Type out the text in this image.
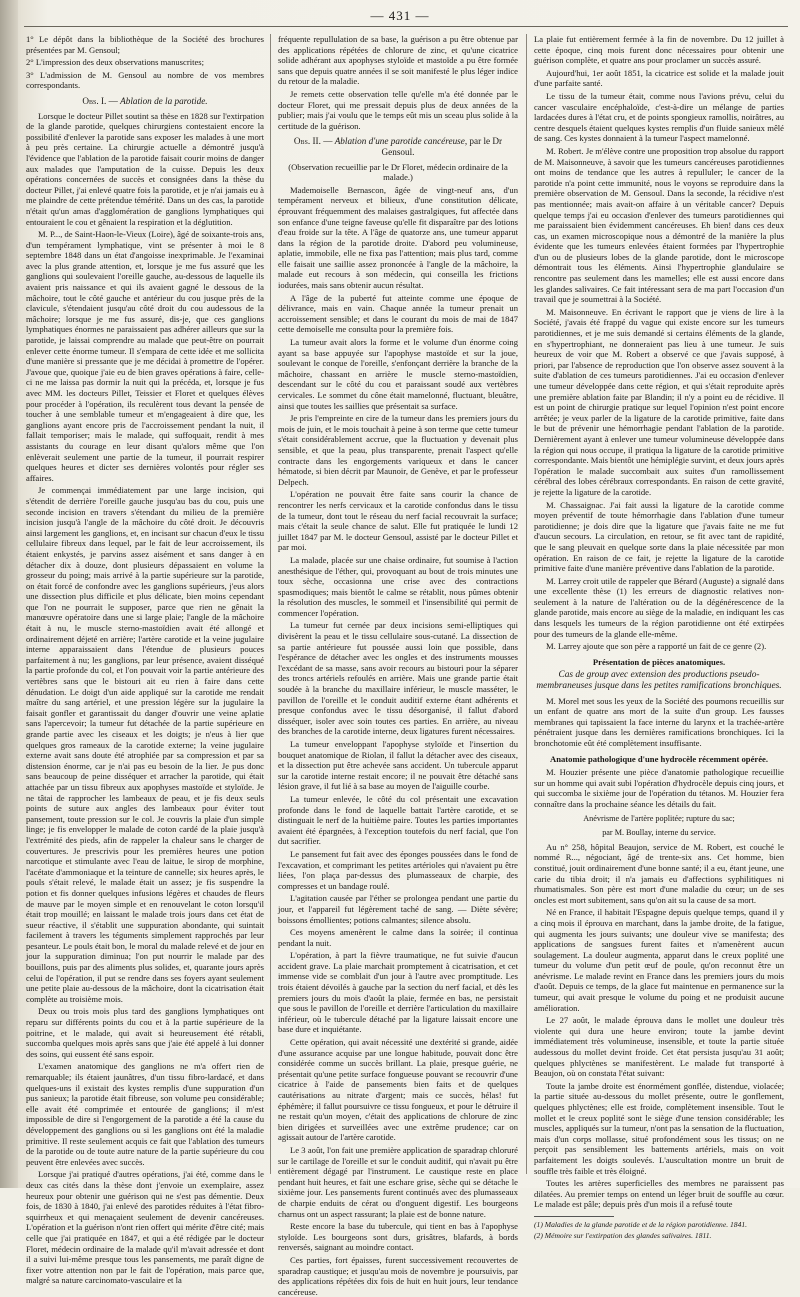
— 431 —

1° Le dépôt dans la bibliothèque de la Société des brochures présentées par M. Gensoul;

2° L'impression des deux observations manuscrites;

3° L'admission de M. Gensoul au nombre de vos membres correspondants.

Obs. I. — Ablation de la parotide.

Lorsque le docteur Pillet soutint sa thèse en 1828 sur l'extirpation de la glande parotide, quelques chirurgiens contestaient encore la possibilité d'enlever la parotide sans exposer les malades à une mort à peu près certaine. La chirurgie actuelle a démontré jusqu'à l'évidence que l'ablation de la parotide faisait courir moins de danger aux malades que l'amputation de la cuisse. Depuis les deux opérations concernées de succès et consignées dans la thèse du docteur Pillet, j'ai enlevé quatre fois la parotide, et je n'ai jamais eu à me plaindre de cette prétendue témérité. Dans un des cas, la parotide n'était qu'un amas d'agglomération de ganglions lymphatiques qui entouraient le cou et gênaient la respiration et la déglutition.

M. P..., de Saint-Haon-le-Vieux (Loire), âgé de soixante-trois ans, d'un tempérament lymphatique, vint se présenter à moi le 8 septembre 1848 dans un état d'angoisse inexprimable. Je l'examinai avec la plus grande attention, et, lorsque je me fus assuré que les ganglions qui soulevaient l'oreille gauche, au-dessous de laquelle ils avaient pris naissance et qui ils avaient gagné le dessous de la mâchoire, tout le côté gauche et antérieur du cou jusque près de la clavicule, s'étendaient jusqu'au côté droit du cou audessous de la mâchoire; lorsque je me fus assuré, dis-je, que ces ganglions lymphatiques énormes ne paraissaient pas adhérer ailleurs que sur la parotide, je laissai comprendre au malade que peut-être on pourrait enlever cette énorme tumeur. Il s'empara de cette idée et me sollicita d'une manière si pressante que je me décidai à promettre de l'opérer. J'avoue que, quoique j'aie eu de bien graves opérations à faire, celle-ci ne me laissa pas dormir la nuit qui la précéda, et, lorsque je fus avec MM. les docteurs Pillet, Teissier et Floret et quelques élèves pour procéder à l'opération, ils reculèrent tous devant la pensée de toucher à une semblable tumeur et m'engageaient à dire que, les ganglions ayant encore pris de l'accroissement pendant la nuit, il fallait temporiser; mais le malade, qui suffoquait, rendit à mes assistants du courage en leur disant qu'alors même que l'on enlèverait seulement une partie de la tumeur, il pourrait respirer quelques heures et dicter ses dernières volontés pour régler ses affaires.

Je commençai immédiatement par une large incision, qui s'étendit de derrière l'oreille gauche jusqu'au bas du cou, puis une seconde incision en travers s'étendant du milieu de la première incision jusqu'à l'angle de la mâchoire du côté droit. Je découvris ainsi largement les ganglions, et, en incisant sur chacun d'eux le tissu cellulaire fibreux dans lequel, par le fait de leur accroissement, ils étaient enkystés, je parvins assez aisément et sans danger à en détacher dix à douze, dont plusieurs dépassaient en volume la grosseur du poing; mais arrivé à la partie supérieure sur la parotide, on était forcé de confondre avec les ganglions supérieurs, j'eus alors une dissection plus difficile et plus délicate, bien moins cependant que l'on ne pourrait le supposer, parce que rien ne gênait la manœuvre opératoire dans une si large plaie; l'angle de la mâchoire était à nu, le muscle sterno-mastoïdien avait été allongé et ordinairement déjeté en arrière; l'artère carotide et la veine jugulaire interne apparaissaient dans l'étendue de plusieurs pouces parfaitement à nu; les ganglions, par leur présence, avaient disséqué la partie profonde du col, et l'on pouvait voir la partie antérieure des vertèbres sans que le bistouri ait eu rien à faire dans cette dénudation. Le doigt d'un aide appliqué sur la carotide me rendait maître du sang artériel, et une pression légère sur la jugulaire la faisait gonfler et garantissait du danger d'ouvrir une veine aplatie sans l'apercevoir; la tumeur fut détachée de la partie supérieure en grande partie avec les ciseaux et les doigts; je n'eus à lier que quelques gros rameaux de la carotide externe; la veine jugulaire externe avait sans doute été atrophiée par sa compression et par sa distension énorme, car je n'ai pas eu besoin de la lier. Je pus donc sans beaucoup de peine disséquer et arracher la parotide, qui était attachée par un tissu fibreux aux apophyses mastoïde et styloïde. Je ne tâtai de rapprocher les lambeaux de peau, et je fis deux seuls points de suture aux angles des lambeaux pour éviter tout pansement, toute pression sur le col. Je couvris la plaie d'un simple linge; je fis envelopper le malade de coton cardé de la plaie jusqu'à l'extrémité des pieds, afin de rappeler la chaleur sans le charger de couvertures. Je prescrivis pour les premières heures une potion narcotique et stimulante avec l'eau de laitue, le sirop de morphine, l'acétate d'ammoniaque et la teinture de cannelle; six heures après, le pouls s'était relevé, le malade était un assez; je fis suspendre la potion et fis donner quelques infusions légères et chaudes de fleurs de mauve par le moyen simple et en renouvelant le coton lorsqu'il était trop mouillé; en laissant le malade trois jours dans cet état de sueur réactive, il s'établit une suppuration abondante, qui suintait facilement à travers les téguments simplement rapprochés par leur pesanteur. Le pouls était bon, le moral du malade relevé et de jour en jour la suppuration diminua; l'on put nourrir le malade par des bouillons, puis par des aliments plus solides, et, quarante jours après celui de l'opération, il put se rendre dans ses foyers ayant seulement une petite plaie au-dessous de la mâchoire, dont la cicatrisation était complète au troisième mois.

Deux ou trois mois plus tard des ganglions lymphatiques ont reparu sur différents points du cou et à la partie supérieure de la poitrine, et le malade, qui avait si heureusement été rétabli, succomba quelques mois après sans que j'aie été appelé à lui donner des soins, qui eussent été sans espoir.

L'examen anatomique des ganglions ne m'a offert rien de remarquable; ils étaient jaunâtres, d'un tissu fibro-lardacé, et dans quelques-uns il existait des kystes remplis d'une suppuration d'un pus sanieux; la parotide était fibreuse, son volume peu considérable; elle avait été comprimée et entourée de ganglions; il m'est impossible de dire si l'engorgement de la parotide a été la cause du développement des ganglions ou si les ganglions ont été la maladie primitive. Il reste seulement acquis ce fait que l'ablation des tumeurs de la parotide ou de toute autre nature de la partie supérieure du cou peuvent être enlevées avec succès.

Lorsque j'ai pratiqué d'autres opérations, j'ai été, comme dans le deux cas cités dans la thèse dont j'envoie un exemplaire, assez heureux pour obtenir une guérison qui ne s'est pas démentie. Deux fois, de 1830 à 1840, j'ai enlevé des parotides réduites à l'état fibro-squirrheux et qui menaçaient seulement de devenir cancéreuses. L'opération et la guérison n'ont rien offert qui mérite d'être cité; mais celle que j'ai pratiquée en 1847, et qui a été rédigée par le docteur Floret, médecin ordinaire de la malade qu'il m'avait adressée et dont il a suivi lui-même presque tous les pansements, me paraît digne de fixer votre attention non par le fait de l'opération, mais parce que, malgré sa nature carcinomato-vasculaire et la

fréquente repullulation de sa base, la guérison a pu être obtenue par des applications répétées de chlorure de zinc, et qu'une cicatrice solide adhérant aux apophyses styloïde et mastoïde a pu être formée sans que depuis quatre années il se soit manifesté le plus léger indice du retour de la maladie.

Je remets cette observation telle qu'elle m'a été donnée par le docteur Floret, qui me pressait depuis plus de deux années de la publier; mais j'ai voulu que le temps eût mis un sceau plus solide à la certitude de la guérison.

Obs. II. — Ablation d'une parotide cancéreuse, par le Dr Gensoul.

(Observation recueillie par le Dr Floret, médecin ordinaire de la malade.)

Mademoiselle Bernascon, âgée de vingt-neuf ans, d'un tempérament nerveux et bilieux, d'une constitution délicate, éprouvant fréquemment des malaises gastralgiques, fut affectée dans son enfance d'une teigne faveuse qu'elle fit disparaître par des lotions d'eau froide sur la tête. A l'âge de quatorze ans, une tumeur apparut dans la région de la parotide droite. D'abord peu volumineuse, aplatie, immobile, elle ne fixa pas l'attention; mais plus tard, comme elle faisait une saillie assez prononcée à l'angle de la mâchoire, la malade eut recours à son médecin, qui conseilla les frictions iodurées, mais sans obtenir aucun résultat.

A l'âge de la puberté fut atteinte comme une époque de délivrance, mais en vain. Chaque année la tumeur prenait un accroissement sensible; et dans le courant du mois de mai de 1847 cette demoiselle me consulta pour la première fois.

La tumeur avait alors la forme et le volume d'un énorme coing ayant sa base appuyée sur l'apophyse mastoïde et sur la joue, soulevant le conque de l'oreille, s'enfonçant derrière la branche de la mâchoire, chassant en arrière le muscle sterno-mastoïdien, descendant sur le côté du cou et paraissant soudé aux vertèbres cervicales. Le sommet du cône était mamelonné, fluctuant, bleuâtre, ainsi que toutes les saillies que présentait sa surface.

Je pris l'empreinte en cire de la tumeur dans les premiers jours du mois de juin, et le mois touchait à peine à son terme que cette tumeur s'était considérablement accrue, que la fluctuation y devenait plus sensible, et que la peau, plus transparente, prenait l'aspect qu'elle contracte dans les engorgements variqueux et dans le cancer hématode, si bien décrit par Maunoir, de Genève, et par le professeur Delpech.

L'opération ne pouvait être faite sans courir la chance de rencontrer les nerfs cervicaux et la carotide confondus dans le tissu de la tumeur, dont tout le réseau du nerf facial recouvrait la surface; mais c'était la seule chance de salut. Elle fut pratiquée le lundi 12 juillet 1847 par M. le docteur Gensoul, assisté par le docteur Pillet et par moi.

La malade, placée sur une chaise ordinaire, fut soumise à l'action anesthésique de l'éther, qui, provoquant au bout de trois minutes une toux sèche, occasionna une crise avec des contractions spasmodiques; mais bientôt le calme se rétablit, nous pûmes obtenir la résolution des muscles, le sommeil et l'insensibilité qui permit de commencer l'opération.

La tumeur fut cernée par deux incisions semi-elliptiques qui divisèrent la peau et le tissu cellulaire sous-cutané. La dissection de sa partie antérieure fut poussée aussi loin que possible, dans l'espérance de détacher avec les ongles et des instruments mousses l'excédant de sa masse, sans avoir recours au bistouri pour la séparer des troncs artériels refoulés en arrière. Mais une grande partie était soudée à la branche du maxillaire inférieur, le muscle masséter, le pavillon de l'oreille et le conduit auditif externe étant adhérents et presque confondus avec le tissu désorganisé, il fallut d'abord disséquer, isoler avec soin toutes ces parties. En arrière, au niveau des branches de la carotide interne, deux ligatures furent nécessaires.

La tumeur enveloppant l'apophyse styloïde et l'insertion du bouquet anatomique de Riolan, il fallut la détacher avec des ciseaux, et la dissection put être achevée sans accident. Un tubercule apparut sur la carotide interne restait encore; il ne pouvait être détaché sans lésion grave, il fut lié à sa base au moyen de l'aiguille courbe.

La tumeur enlevée, le côté du col présentait une excavation profonde dans le fond de laquelle battait l'artère carotide, et se distinguait le nerf de la huitième paire. Toutes les parties importantes avaient été épargnées, à l'exception toutefois du nerf facial, que l'on dut sacrifier.

Le pansement fut fait avec des éponges poussées dans le fond de l'excavation, et comprimant les petites artérioles qui n'avaient pu être liées, l'on plaça par-dessus des plumasseaux de charpie, des compresses et un bandage roulé.

L'agitation causée par l'éther se prolongea pendant une partie du jour, et l'appareil fut légèrement taché de sang. — Diète sévère; boissons émollientes; potions calmantes; silence absolu.

Ces moyens amenèrent le calme dans la soirée; il continua pendant la nuit.

L'opération, à part la fièvre traumatique, ne fut suivie d'aucun accident grave. La plaie marchait promptement à cicatrisation, et cet immense vide se comblait d'un jour à l'autre avec promptitude. Les trois étaient dévoilés à gauche par la section du nerf facial, et dès les premiers jours du mois d'août la plaie, fermée en bas, ne persistait que sous le pavillon de l'oreille et derrière l'articulation du maxillaire inférieur, où le tubercule détaché par la ligature laissait encore une base dure et inquiétante.

Cette opération, qui avait nécessité une dextérité si grande, aidée d'une assurance acquise par une longue habitude, pouvait donc être considérée comme un succès brillant. La plaie, presque guérie, ne présentait qu'une petite surface fongueuse pouvant se recouvrir d'une cicatrice à l'aide de pansements bien faits et de quelques cautérisations au nitrate d'argent; mais ce succès, hélas! fut éphémère; il fallut poursuivre ce tissu fongueux, et pour le détruire il ne restait qu'un moyen, c'était des applications de chlorure de zinc bien dirigées et surveillées avec une extrême prudence; car on agissait autour de l'artère carotide.

Le 3 août, l'on fait une première application de sparadrap chloruré sur le cartilage de l'oreille et sur le conduit auditif, qui n'avait pu être entièrement dégagé par l'instrument. Le caustique reste en place pendant huit heures, et fait une eschare grise, sèche qui se détache le sixième jour. Les pansements furent continués avec des plumasseaux de charpie enduits de cérat ou d'onguent digestif. Les bourgeons charnus ont un aspect rassurant; la plaie est de bonne nature.

Reste encore la base du tubercule, qui tient en bas à l'apophyse styloïde. Les bourgeons sont durs, grisâtres, blafards, à bords renversés, saignant au moindre contact.

Ces parties, fort épaisses, furent successivement recouvertes de sparadrap caustique; et jusqu'au mois de novembre je poursuivis, par des applications répétées dix fois de huit en huit jours, leur tendance cancéreuse.

La plaie fut entièrement fermée à la fin de novembre. Du 12 juillet à cette époque, cinq mois furent donc nécessaires pour obtenir une guérison complète, et quatre ans pour proclamer un succès assuré.

Aujourd'hui, 1er août 1851, la cicatrice est solide et la malade jouit d'une parfaite santé.

Le tissu de la tumeur était, comme nous l'avions prévu, celui du cancer vasculaire encéphaloïde, c'est-à-dire un mélange de parties lardacées dures à l'état cru, et de points spongieux ramollis, noirâtres, au centre desquels étaient quelques kystes remplis d'un fluide sanieux mêlé de sang. Ces kystes donnaient à la tumeur l'aspect mamelonné.

M. Robert. Je m'élève contre une proposition trop absolue du rapport de M. Maisonneuve, à savoir que les tumeurs cancéreuses parotidiennes ont moins de tendance que les autres à repulluler; le cancer de la parotide n'a point cette immunité, nous le voyons se reproduire dans la première observation de M. Gensoul. Dans la seconde, la récidive n'est pas mentionnée; mais avait-on affaire à un véritable cancer? Depuis quelque temps j'ai eu occasion d'enlever des tumeurs parotidiennes qui me paraissaient bien évidemment cancéreuses. Eh bien! dans ces deux cas, un examen microscopique nous a démontré de la manière la plus évidente que les tumeurs enlevées étaient formées par l'hypertrophie d'un ou de plusieurs lobes de la glande parotide, dont le microscope démontrait tous les éléments. Ainsi l'hypertrophie glandulaire se rencontre pas seulement dans les mamelles; elle est aussi encore dans les glandes salivaires. Ce fait intéressant sera de ma part l'occasion d'un travail que je soumettrai à la Société.

M. Maisonneuve. En écrivant le rapport que je viens de lire à la Société, j'avais été frappé du vague qui existe encore sur les tumeurs parotidiennes, et je me suis demandé si certains éléments de la glande, en s'hypertrophiant, ne donneraient pas lieu à une tumeur. Je suis heureux de voir que M. Robert a observé ce que j'avais supposé, à priori, par l'absence de reproduction que l'on observe assez souvent à la suite d'ablation de ces tumeurs parotidiennes. J'ai eu occasion d'enlever une tumeur développée dans cette région, et qui s'était reproduite après une première ablation faite par Blandin; il n'y a point eu de récidive. Il est un point de chirurgie pratique sur lequel l'opinion n'est point encore arrêtée; je veux parler de la ligature de la carotide primitive, faite dans le but de prévenir une hémorrhagie pendant l'ablation de la parotide. Dernièrement ayant à enlever une tumeur volumineuse développée dans la région qui nous occupe, il pratiqua la ligature de la carotide primitive correspondante. Mais bientôt une hémiplégie survint, et deux jours après l'opération le malade succombait aux suites d'un ramollissement cérébral des lobes cérébraux correspondants. En raison de cette gravité, je rejette la ligature de la carotide.

M. Chassaignac. J'ai fait aussi la ligature de la carotide comme moyen préventif de toute hémorrhagie dans l'ablation d'une tumeur parotidienne; je dois dire que la ligature que j'avais faite ne me fut d'aucun secours. La circulation, en retour, se fit avec tant de rapidité, que le sang pleuvait en quelque sorte dans la plaie nécessitée par mon opération. En raison de ce fait, je rejette la ligature de la carotide primitive faite d'une manière préventive dans l'ablation de la parotide.

M. Larrey croit utile de rappeler que Bérard (Auguste) a signalé dans une excellente thèse (1) les erreurs de diagnostic relatives non-seulement à la nature de l'altération ou de la dégénérescence de la glande parotide, mais encore au siège de la maladie, en indiquant les cas dans lesquels les tumeurs de la région parotidienne ont été extirpées pour des tumeurs de la glande elle-même.

M. Larrey ajoute que son père a rapporté un fait de ce genre (2).

Présentation de pièces anatomiques.
Cas de group avec extension des productions pseudo-membraneuses jusque dans les petites ramifications bronchiques.

M. Morel met sous les yeux de la Société des poumons recueillis sur un enfant de quatre ans mort de la suite d'un group. Les fausses membranes qui tapissaient la face interne du larynx et la trachée-artère pénétraient jusque dans les dernières ramifications bronchiques. Ici la bronchotomie eût été complètement insuffisante.

Anatomie pathologique d'une hydrocèle récemment opérée.

M. Houzier présente une pièce d'anatomie pathologique recueillie sur un homme qui avait subi l'opération d'hydrocèle depuis cinq jours, et qui succomba le sixième jour de l'opération du tétanos. M. Houzier fera connaître dans la prochaine séance les détails du fait.

Anévrisme de l'artère poplitée; rupture du sac;
par M. Boullay, interne du service.

Au n° 258, hôpital Beaujon, service de M. Robert, est couché le nommé R..., négociant, âgé de trente-six ans. Cet homme, bien constitué, jouit ordinairement d'une bonne santé; il a eu, étant jeune, une carie du tibia droit; il n'a jamais eu d'affections syphilitiques ni rhumatismales. Son père est mort d'une maladie du cœur; un de ses oncles est mort subitement, sans qu'on ait su la cause de sa mort.

Né en France, il habitait l'Espagne depuis quelque temps, quand il y a cinq mois il éprouva en marchant, dans la jambe droite, de la fatigue, qui augmenta les jours suivants; une douleur vive se manifesta; des applications de sangsues furent faites et n'amenèrent aucun soulagement. La douleur augmenta, apparut dans le creux poplité une tumeur du volume d'un petit œuf de poule, qu'on reconnut être un anévrisme. Le malade revint en France dans les premiers jours du mois d'août. Depuis ce temps, de la glace fut maintenue en permanence sur la tumeur, qui avait presque le volume du poing et ne produisit aucune amélioration.

Le 27 août, le malade éprouva dans le mollet une douleur très violente qui dura une heure environ; toute la jambe devint immédiatement très volumineuse, insensible, et toute la partie située audessous du mollet devint froide. Cet état persista jusqu'au 31 août; quelques phlyctènes se manifestèrent. Le malade fut transporté à Beaujon, où on constata l'état suivant:

Toute la jambe droite est énormément gonflée, distendue, violacée; la partie située au-dessous du mollet présente, outre le gonflement, quelques phlyctènes; elle est froide, complètement insensible. Tout le mollet et le creux poplité sont le siège d'une tension considérable; les muscles, appliqués sur la tumeur, n'ont pas la sensation de la fluctuation, mais d'un corps mollasse, situé profondément sous les tissus; on ne perçoit pas sensiblement les battements artériels, mais on voit parfaitement les doigts soulevés. L'auscultation montre un bruit de souffle très faible et très éloigné.

Toutes les artères superficielles des membres ne paraissent pas dilatées. Au premier temps on entend un léger bruit de souffle au cœur. Le malade est pâle; depuis près d'un mois il a refusé toute

(1) Maladies de la glande parotide et de la région parotidienne. 1841.

(2) Mémoire sur l'extirpation des glandes salivaires. 1811.
